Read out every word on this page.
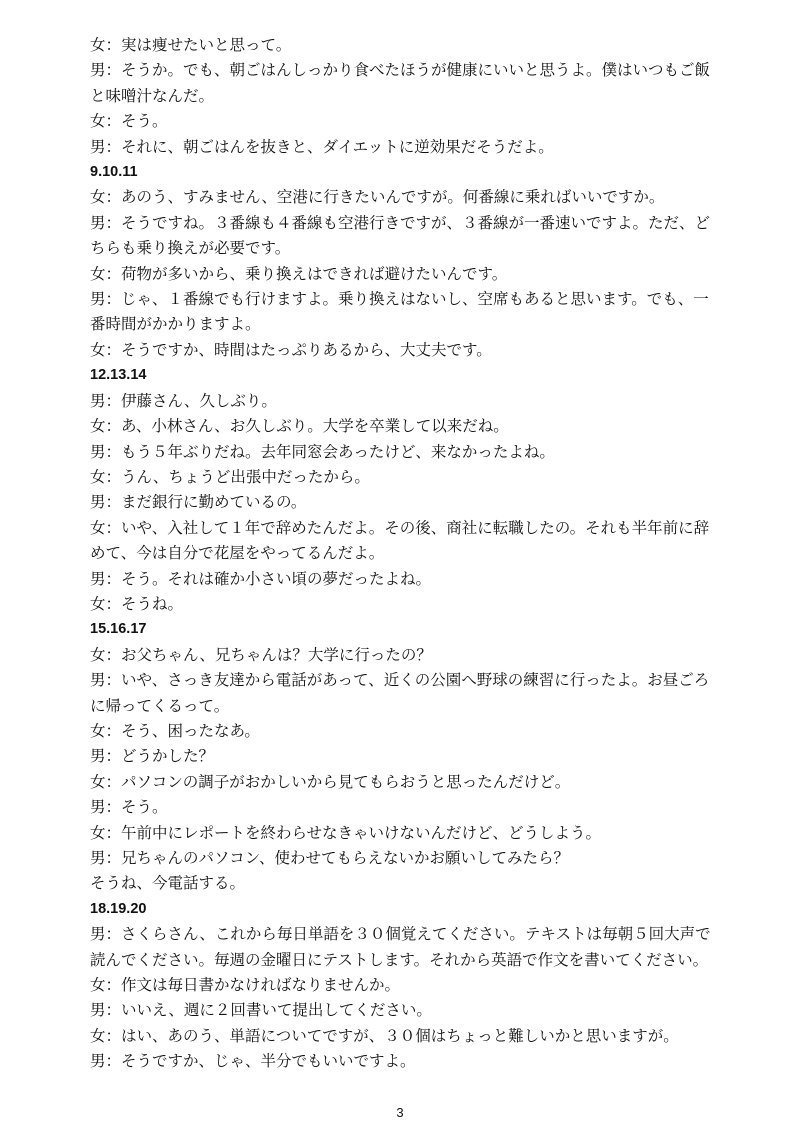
女：実は痩せたいと思って。

男：そうか。でも、朝ごはんしっかり食べたほうが健康にいいと思うよ。僕はいつもご飯と味噌汁なんだ。

女：そう。

男：それに、朝ごはんを抜きと、ダイエットに逆効果だそうだよ。

9.10.11

女：あのう、すみません、空港に行きたいんですが。何番線に乗ればいいですか。

男：そうですね。３番線も４番線も空港行きですが、３番線が一番速いですよ。ただ、どちらも乗り換えが必要です。

女：荷物が多いから、乗り換えはできれば避けたいんです。

男：じゃ、１番線でも行けますよ。乗り換えはないし、空席もあると思います。でも、一番時間がかかりますよ。

女：そうですか、時間はたっぷりあるから、大丈夫です。

12.13.14

男：伊藤さん、久しぶり。

女：あ、小林さん、お久しぶり。大学を卒業して以来だね。

男：もう５年ぶりだね。去年同窓会あったけど、来なかったよね。

女：うん、ちょうど出張中だったから。

男：まだ銀行に勤めているの。

女：いや、入社して１年で辞めたんだよ。その後、商社に転職したの。それも半年前に辞めて、今は自分で花屋をやってるんだよ。

男：そう。それは確か小さい頃の夢だったよね。

女：そうね。

15.16.17

女：お父ちゃん、兄ちゃんは？大学に行ったの？

男：いや、さっき友達から電話があって、近くの公園へ野球の練習に行ったよ。お昼ごろに帰ってくるって。

女：そう、困ったなあ。

男：どうかした？

女：パソコンの調子がおかしいから見てもらおうと思ったんだけど。

男：そう。

女：午前中にレポートを終わらせなきゃいけないんだけど、どうしよう。

男：兄ちゃんのパソコン、使わせてもらえないかお願いしてみたら？

そうね、今電話する。

18.19.20

男：さくらさん、これから毎日単語を３０個覚えてください。テキストは毎朝５回大声で読んでください。毎週の金曜日にテストします。それから英語で作文を書いてください。

女：作文は毎日書かなければなりませんか。

男：いいえ、週に２回書いて提出してください。

女：はい、あのう、単語についてですが、３０個はちょっと難しいかと思いますが。

男：そうですか、じゃ、半分でもいいですよ。

3
